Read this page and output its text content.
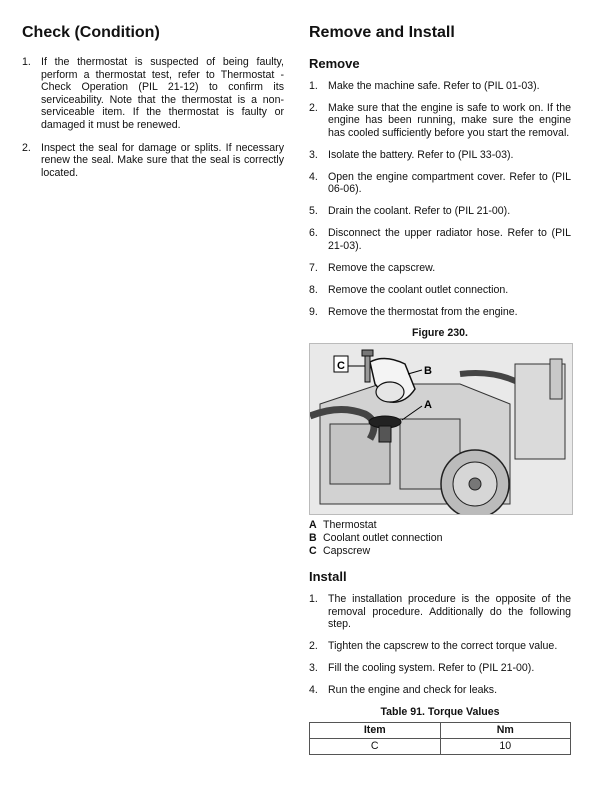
Check (Condition)
1. If the thermostat is suspected of being faulty, perform a thermostat test, refer to Thermostat - Check Operation (PIL 21-12) to confirm its serviceability. Note that the thermostat is a non-serviceable item. If the thermostat is faulty or damaged it must be renewed.
2. Inspect the seal for damage or splits. If necessary renew the seal. Make sure that the seal is correctly located.
Remove and Install
Remove
1. Make the machine safe. Refer to (PIL 01-03).
2. Make sure that the engine is safe to work on. If the engine has been running, make sure the engine has cooled sufficiently before you start the removal.
3. Isolate the battery. Refer to (PIL 33-03).
4. Open the engine compartment cover. Refer to (PIL 06-06).
5. Drain the coolant. Refer to (PIL 21-00).
6. Disconnect the upper radiator hose. Refer to (PIL 21-03).
7. Remove the capscrew.
8. Remove the coolant outlet connection.
9. Remove the thermostat from the engine.
Figure 230.
C	B
A
A Thermostat
B Coolant outlet connection
C Capscrew
Install
1. The installation procedure is the opposite of the removal procedure. Additionally do the following step.
2. Tighten the capscrew to the correct torque value.
3. Fill the cooling system. Refer to (PIL 21-00).
4. Run the engine and check for leaks.
Table 91. Torque Values
Item	Nm
C	10
